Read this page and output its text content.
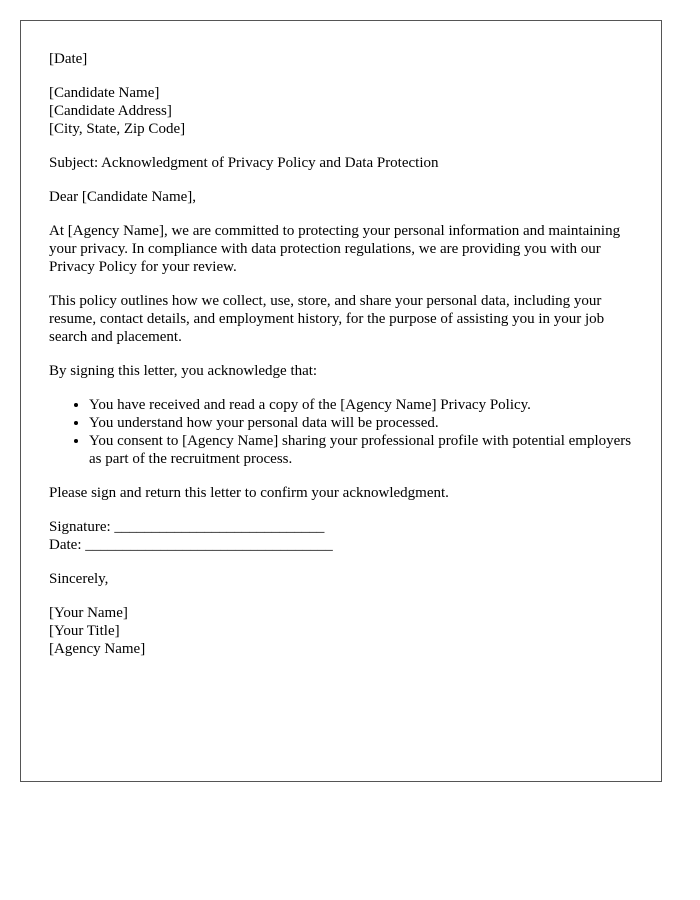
[Date]

[Candidate Name]
[Candidate Address]
[City, State, Zip Code]

Subject: Acknowledgment of Privacy Policy and Data Protection

Dear [Candidate Name],

At [Agency Name], we are committed to protecting your personal information and maintaining your privacy. In compliance with data protection regulations, we are providing you with our Privacy Policy for your review.

This policy outlines how we collect, use, store, and share your personal data, including your resume, contact details, and employment history, for the purpose of assisting you in your job search and placement.

By signing this letter, you acknowledge that:

• You have received and read a copy of the [Agency Name] Privacy Policy.
• You understand how your personal data will be processed.
• You consent to [Agency Name] sharing your professional profile with potential employers as part of the recruitment process.

Please sign and return this letter to confirm your acknowledgment.

Signature: ____________________________
Date: _________________________________

Sincerely,

[Your Name]
[Your Title]
[Agency Name]
